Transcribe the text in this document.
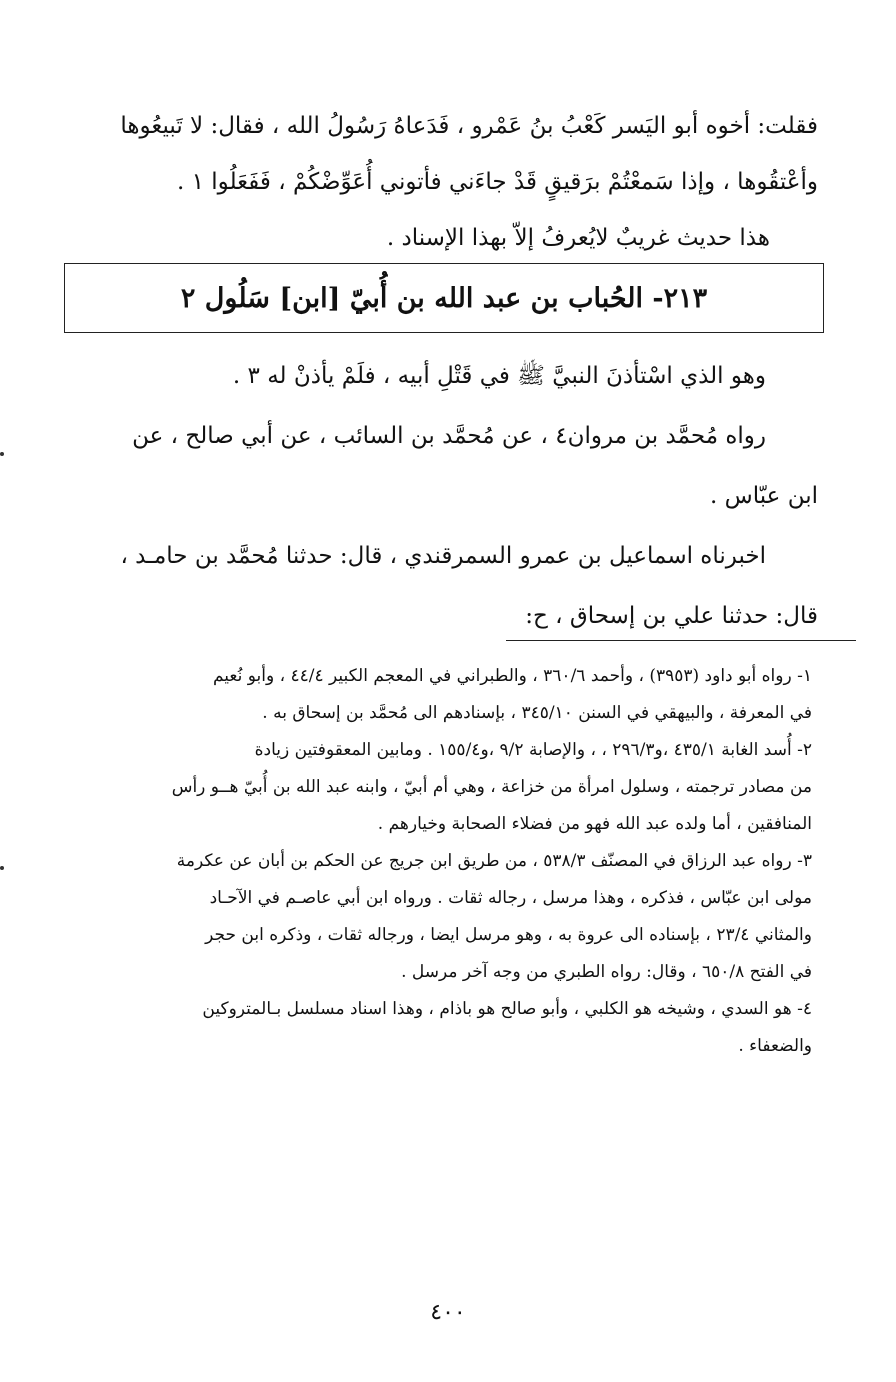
فقلت: أخوه أبو اليَسر كَعْبُ بنُ عَمْرو ، فَدَعاهُ رَسُولُ الله ، فقال: لا تَبيعُوها
وأعْتقُوها ، وإذا سَمعْتُمْ برَقيقٍ قَدْ جاءَني فأتوني أُعَوِّضْكُمْ ، فَفَعَلُوا ١ .
هذا حديث غريبٌ لايُعرفُ إلاّ بهذا الإسناد .
٢١٣- الحُباب بن عبد الله بن أُبيّ [ابن] سَلُول ٢
وهو الذي اسْتأذنَ النبيَّ ﷺ في قَتْلِ أبيه ، فلَمْ يأذنْ له ٣ .
رواه مُحمَّد بن مروان٤ ، عن مُحمَّد بن السائب ، عن أبي صالح ، عن
ابن عبّاس .
اخبرناه اسماعيل بن عمرو السمرقندي ، قال: حدثنا مُحمَّد بن حامـد ،
قال: حدثنا علي بن إسحاق ، ح:
١- رواه أبو داود (٣٩٥٣) ، وأحمد ٣٦٠/٦ ، والطبراني في المعجم الكبير ٤٤/٤ ، وأبو نُعيم
في المعرفة ، والبيهقي في السنن ٣٤٥/١٠ ، بإسنادهم الى مُحمَّد بن إسحاق به .
٢- أُسد الغابة ٤٣٥/١ ،و٢٩٦/٣ ، ، والإصابة ٩/٢ ،و١٥٥/٤ . ومابين المعقوفتين زيادة
من مصادر ترجمته ، وسلول امرأة من خزاعة ، وهي أم أبيّ ، وابنه عبد الله بن أُبيّ هــو رأس
المنافقين ، أما ولده عبد الله فهو من فضلاء الصحابة وخيارهم .
٣- رواه عبد الرزاق في المصنّف ٥٣٨/٣ ، من طريق ابن جريج عن الحكم بن أبان عن عكرمة
مولى ابن عبّاس ، فذكره ، وهذا مرسل ، رجاله ثقات . ورواه ابن أبي عاصـم في الآحـاد
والمثاني ٢٣/٤ ، بإسناده الى عروة به ، وهو مرسل ايضا ، ورجاله ثقات ، وذكره ابن حجر
في الفتح ٦٥٠/٨ ، وقال: رواه الطبري من وجه آخر مرسل .
٤- هو السدي ، وشيخه هو الكلبي ، وأبو صالح هو باذام ، وهذا اسناد مسلسل بـالمتروكين
والضعفاء .
٤٠٠
